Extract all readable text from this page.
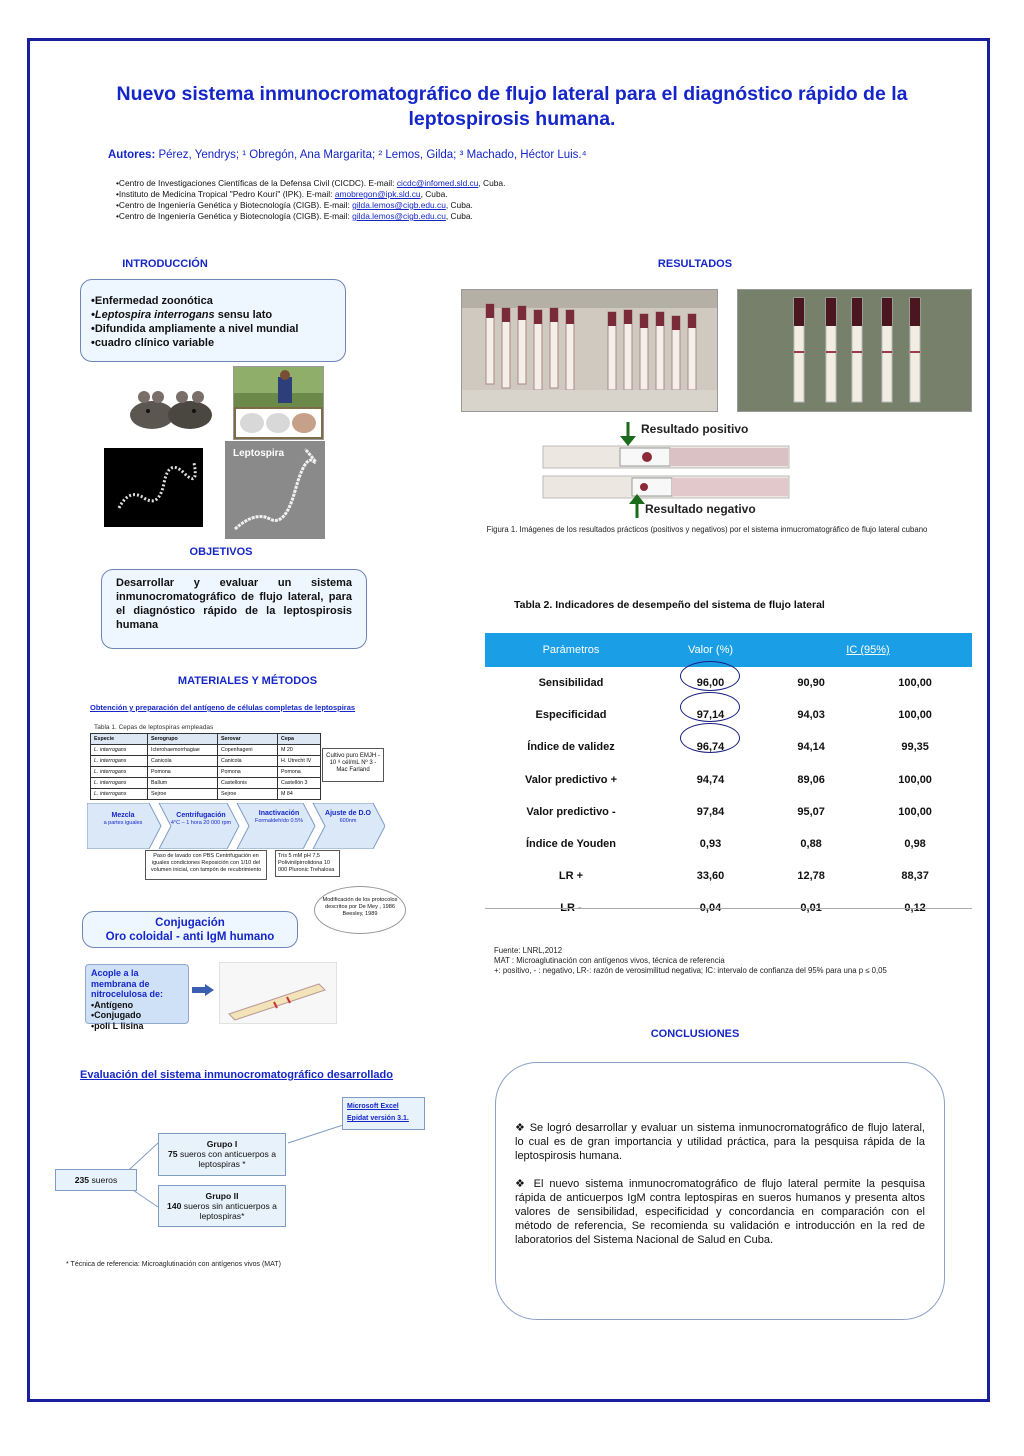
Nuevo sistema inmunocromatográfico de flujo lateral para el diagnóstico rápido de la leptospirosis humana.
Autores: Pérez, Yendrys; ¹ Obregón, Ana Margarita; ² Lemos, Gilda; ³ Machado, Héctor Luis.⁴
•Centro de Investigaciones Científicas de la Defensa Civil (CICDC). E-mail: cicdc@infomed.sld.cu, Cuba.
•Instituto de Medicina Tropical "Pedro Kourí" (IPK). E-mail: amobregon@ipk.sld.cu, Cuba.
•Centro de Ingeniería Genética y Biotecnología (CIGB). E-mail: gilda.lemos@cigb.edu.cu, Cuba.
•Centro de Ingeniería Genética y Biotecnología (CIGB). E-mail: gilda.lemos@cigb.edu.cu, Cuba.
INTRODUCCIÓN
•Enfermedad zoonótica
•Leptospira interrogans sensu lato
•Difundida ampliamente a nivel mundial
•cuadro clínico variable
Leptospira
OBJETIVOS
Desarrollar y evaluar un sistema inmunocromatográfico de flujo lateral, para el diagnóstico rápido de la leptospirosis humana
MATERIALES Y MÉTODOS
Obtención y preparación del antígeno de células completas de leptospiras
Tabla 1. Cepas de leptospiras empleadas
Especie	Serogrupo	Serovar	Cepa
L. interrogans	Icterohaemorrhagiae	Copenhageni	M 20
L. interrogans	Canicola	Canicola	H. Utrecht IV
L. interrogans	Pomona	Pomona	Pomona
L. interrogans	Ballum	Castellonis	Castellón 3
L. interrogans	Sejroe	Sejroe	M 84
Cultivo puro EMJH - 10 ⁸ cél/mL Nº 3 - Mac Farland
Mezcla
a partes iguales
Centrifugación
4°C – 1 hora 20 000 rpm
Inactivación
Formaldehído 0.5%
Ajuste de D.O
600nm
Paso de lavado con PBS Centrifugación en iguales condiciones Reposición con 1/10 del volumen inicial, con tampón de recubrimiento
Tris 5 mM pH 7,5 Polivinilpirrolidona 10 000 Pluronic Trehalosa
Modificación de los protocolos descritos por De Mey , 1986 Beesley, 1989
Conjugación
Oro coloidal - anti IgM humano
Acople a la membrana de nitrocelulosa de:
•Antígeno
•Conjugado
•poli L lisina
Evaluación del sistema inmunocromatográfico desarrollado
235 sueros
Microsoft Excel
Epidat versión 3.1.
Grupo I
75 sueros con anticuerpos a leptospiras *
Grupo II
140 sueros sin anticuerpos a leptospiras*
* Técnica de referencia: Microaglutinación con antígenos vivos (MAT)
RESULTADOS
Resultado positivo
Resultado negativo
Figura 1. Imágenes de los resultados prácticos (positivos y negativos) por el sistema inmucromatográfico de flujo lateral cubano
Tabla 2. Indicadores de desempeño del sistema de flujo lateral
Parámetros	Valor (%)	IC (95%)	
Sensibilidad	96,00	90,90	100,00
Especificidad	97,14	94,03	100,00
Índice de validez	96,74	94,14	99,35
Valor predictivo +	94,74	89,06	100,00
Valor predictivo -	97,84	95,07	100,00
Índice de Youden	0,93	0,88	0,98
LR +	33,60	12,78	88,37
LR -	0,04	0,01	0,12
Fuente: LNRL,2012
MAT : Microaglutinación con antígenos vivos, técnica de referencia
+: positivo, - : negativo, LR-: razón de verosimilitud negativa; IC: intervalo de confianza del 95% para una p ≤ 0,05
CONCLUSIONES

❖ Se logró desarrollar y evaluar un sistema inmunocromatográfico de flujo lateral, lo cual es de gran importancia y utilidad práctica, para la pesquisa rápida de la leptospirosis humana.

❖ El nuevo sistema inmunocromatográfico de flujo lateral permite la pesquisa rápida de anticuerpos IgM contra leptospiras en sueros humanos y presenta altos valores de sensibilidad, especificidad y concordancia en comparación con el método de referencia, Se recomienda su validación e introducción en la red de laboratorios del Sistema Nacional de Salud en Cuba.
